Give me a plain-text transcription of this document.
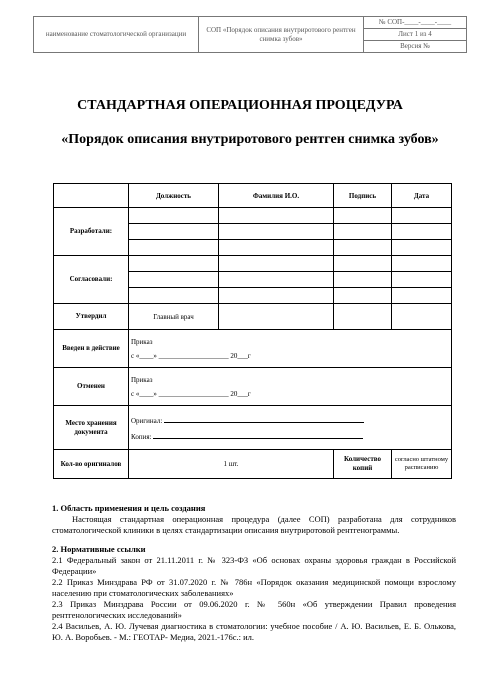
наименование стоматологической организации	СОП «Порядок описания внутриротового рентген снимка зубов»	№ СОП-____-____-____
Лист 1 из 4
Версия №
СТАНДАРТНАЯ ОПЕРАЦИОННАЯ ПРОЦЕДУРА
«Порядок описания внутриротового рентген снимка зубов»
	Должность	Фамилия И.О.	Подпись	Дата
Разработали:				

Согласовали:				

Утвердил	Главный врач			
Введен в действие	Приказ
с «____» ____________________ 20___г			

Отменен	Приказ
с «____» ____________________ 20___г			

Место хранения документа	Оригинал:
Копия:			

Кол-во оригиналов	1 шт.		Количество копий	согласно штатному расписанию

1. Область применения и цель создания

Настоящая стандартная операционная процедура (далее СОП) разработана для сотрудников стоматологической клиники в целях стандартизации описания внутриротовой рентгенограммы.

2. Нормативные ссылки

2.1 Федеральный закон от 21.11.2011 г. № 323-ФЗ «Об основах охраны здоровья граждан в Российской Федерации»

2.2 Приказ Минздрава РФ от 31.07.2020 г. № 786н «Порядок оказания медицинской помощи взрослому населению при стоматологических заболеваниях»

2.3 Приказ Минздрава России от 09.06.2020 г. № 560н «Об утверждении Правил проведения рентгенологических исследований»

2.4 Васильев, А. Ю. Лучевая диагностика в стоматологии: учебное пособие / А. Ю. Васильев, Е. Б. Олькова, Ю. А. Воробьев. - М.: ГЕОТАР- Медиа, 2021.-176с.: ил.
